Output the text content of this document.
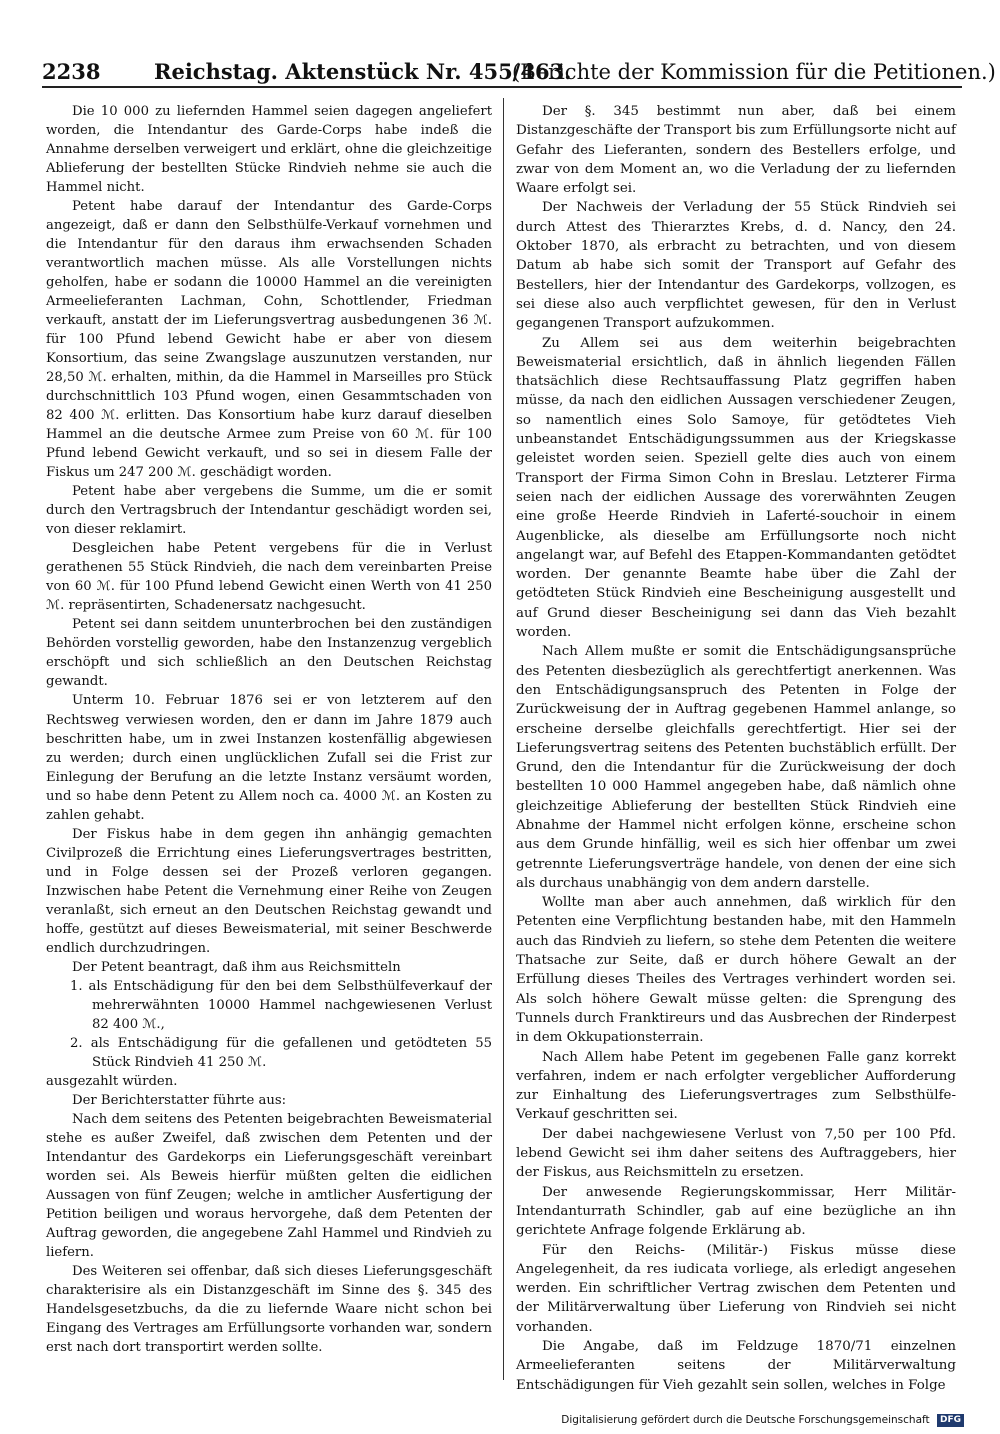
2238	Reichstag. Aktenstück Nr. 455/463.
(Berichte der Kommission für die Petitionen.)

Die 10 000 zu liefernden Hammel seien dagegen angeliefert worden, die Intendantur des Garde-Corps habe indeß die Annahme derselben verweigert und erklärt, ohne die gleichzeitige Ablieferung der bestellten Stücke Rindvieh nehme sie auch die Hammel nicht.

Petent habe darauf der Intendantur des Garde-Corps angezeigt, daß er dann den Selbsthülfe-Verkauf vornehmen und die Intendantur für den daraus ihm erwachsenden Schaden verantwortlich machen müsse. Als alle Vorstellungen nichts geholfen, habe er sodann die 10000 Hammel an die vereinigten Armeelieferanten Lachman, Cohn, Schottlender, Friedman verkauft, anstatt der im Lieferungsvertrag ausbedungenen 36 ℳ. für 100 Pfund lebend Gewicht habe er aber von diesem Konsortium, das seine Zwangslage auszunutzen verstanden, nur 28,50 ℳ. erhalten, mithin, da die Hammel in Marseilles pro Stück durchschnittlich 103 Pfund wogen, einen Gesammtschaden von 82 400 ℳ. erlitten. Das Konsortium habe kurz darauf dieselben Hammel an die deutsche Armee zum Preise von 60 ℳ. für 100 Pfund lebend Gewicht verkauft, und so sei in diesem Falle der Fiskus um 247 200 ℳ. geschädigt worden.

Petent habe aber vergebens die Summe, um die er somit durch den Vertragsbruch der Intendantur geschädigt worden sei, von dieser reklamirt.

Desgleichen habe Petent vergebens für die in Verlust gerathenen 55 Stück Rindvieh, die nach dem vereinbarten Preise von 60 ℳ. für 100 Pfund lebend Gewicht einen Werth von 41 250 ℳ. repräsentirten, Schadenersatz nachgesucht.

Petent sei dann seitdem ununterbrochen bei den zuständigen Behörden vorstellig geworden, habe den Instanzenzug vergeblich erschöpft und sich schließlich an den Deutschen Reichstag gewandt.

Unterm 10. Februar 1876 sei er von letzterem auf den Rechtsweg verwiesen worden, den er dann im Jahre 1879 auch beschritten habe, um in zwei Instanzen kostenfällig abgewiesen zu werden; durch einen unglücklichen Zufall sei die Frist zur Einlegung der Berufung an die letzte Instanz versäumt worden, und so habe denn Petent zu Allem noch ca. 4000 ℳ. an Kosten zu zahlen gehabt.

Der Fiskus habe in dem gegen ihn anhängig gemachten Civilprozeß die Errichtung eines Lieferungsvertrages bestritten, und in Folge dessen sei der Prozeß verloren gegangen. Inzwischen habe Petent die Vernehmung einer Reihe von Zeugen veranlaßt, sich erneut an den Deutschen Reichstag gewandt und hoffe, gestützt auf dieses Beweismaterial, mit seiner Beschwerde endlich durchzudringen.

Der Petent beantragt, daß ihm aus Reichsmitteln

1. als Entschädigung für den bei dem Selbsthülfeverkauf der mehrerwähnten 10000 Hammel nachgewiesenen Verlust 82 400 ℳ.,

2. als Entschädigung für die gefallenen und getödteten 55 Stück Rindvieh 41 250 ℳ.

ausgezahlt würden.

Der Berichterstatter führte aus:

Nach dem seitens des Petenten beigebrachten Beweismaterial stehe es außer Zweifel, daß zwischen dem Petenten und der Intendantur des Gardekorps ein Lieferungsgeschäft vereinbart worden sei. Als Beweis hierfür müßten gelten die eidlichen Aussagen von fünf Zeugen; welche in amtlicher Ausfertigung der Petition beiligen und woraus hervorgehe, daß dem Petenten der Auftrag geworden, die angegebene Zahl Hammel und Rindvieh zu liefern.

Des Weiteren sei offenbar, daß sich dieses Lieferungsgeschäft charakterisire als ein Distanzgeschäft im Sinne des §. 345 des Handelsgesetzbuchs, da die zu liefernde Waare nicht schon bei Eingang des Vertrages am Erfüllungsorte vorhanden war, sondern erst nach dort transportirt werden sollte.

Der §. 345 bestimmt nun aber, daß bei einem Distanzgeschäfte der Transport bis zum Erfüllungsorte nicht auf Gefahr des Lieferanten, sondern des Bestellers erfolge, und zwar von dem Moment an, wo die Verladung der zu liefernden Waare erfolgt sei.

Der Nachweis der Verladung der 55 Stück Rindvieh sei durch Attest des Thierarztes Krebs, d. d. Nancy, den 24. Oktober 1870, als erbracht zu betrachten, und von diesem Datum ab habe sich somit der Transport auf Gefahr des Bestellers, hier der Intendantur des Gardekorps, vollzogen, es sei diese also auch verpflichtet gewesen, für den in Verlust gegangenen Transport aufzukommen.

Zu Allem sei aus dem weiterhin beigebrachten Beweismaterial ersichtlich, daß in ähnlich liegenden Fällen thatsächlich diese Rechtsauffassung Platz gegriffen haben müsse, da nach den eidlichen Aussagen verschiedener Zeugen, so namentlich eines Solo Samoye, für getödtetes Vieh unbeanstandet Entschädigungssummen aus der Kriegskasse geleistet worden seien. Speziell gelte dies auch von einem Transport der Firma Simon Cohn in Breslau. Letzterer Firma seien nach der eidlichen Aussage des vorerwähnten Zeugen eine große Heerde Rindvieh in Laferté-souchoir in einem Augenblicke, als dieselbe am Erfüllungsorte noch nicht angelangt war, auf Befehl des Etappen-Kommandanten getödtet worden. Der genannte Beamte habe über die Zahl der getödteten Stück Rindvieh eine Bescheinigung ausgestellt und auf Grund dieser Bescheinigung sei dann das Vieh bezahlt worden.

Nach Allem mußte er somit die Entschädigungsansprüche des Petenten diesbezüglich als gerechtfertigt anerkennen. Was den Entschädigungsanspruch des Petenten in Folge der Zurückweisung der in Auftrag gegebenen Hammel anlange, so erscheine derselbe gleichfalls gerechtfertigt. Hier sei der Lieferungsvertrag seitens des Petenten buchstäblich erfüllt. Der Grund, den die Intendantur für die Zurückweisung der doch bestellten 10 000 Hammel angegeben habe, daß nämlich ohne gleichzeitige Ablieferung der bestellten Stück Rindvieh eine Abnahme der Hammel nicht erfolgen könne, erscheine schon aus dem Grunde hinfällig, weil es sich hier offenbar um zwei getrennte Lieferungsverträge handele, von denen der eine sich als durchaus unabhängig von dem andern darstelle.

Wollte man aber auch annehmen, daß wirklich für den Petenten eine Verpflichtung bestanden habe, mit den Hammeln auch das Rindvieh zu liefern, so stehe dem Petenten die weitere Thatsache zur Seite, daß er durch höhere Gewalt an der Erfüllung dieses Theiles des Vertrages verhindert worden sei. Als solch höhere Gewalt müsse gelten: die Sprengung des Tunnels durch Franktireurs und das Ausbrechen der Rinderpest in dem Okkupationsterrain.

Nach Allem habe Petent im gegebenen Falle ganz korrekt verfahren, indem er nach erfolgter vergeblicher Aufforderung zur Einhaltung des Lieferungsvertrages zum Selbsthülfe-Verkauf geschritten sei.

Der dabei nachgewiesene Verlust von 7,50 per 100 Pfd. lebend Gewicht sei ihm daher seitens des Auftraggebers, hier der Fiskus, aus Reichsmitteln zu ersetzen.

Der anwesende Regierungskommissar, Herr Militär-Intendanturrath Schindler, gab auf eine bezügliche an ihn gerichtete Anfrage folgende Erklärung ab.

Für den Reichs- (Militär-) Fiskus müsse diese Angelegenheit, da res iudicata vorliege, als erledigt angesehen werden. Ein schriftlicher Vertrag zwischen dem Petenten und der Militärverwaltung über Lieferung von Rindvieh sei nicht vorhanden.

Die Angabe, daß im Feldzuge 1870/71 einzelnen Armeelieferanten seitens der Militärverwaltung Entschädigungen für Vieh gezahlt sein sollen, welches in Folge

Digitalisierung gefördert durch die Deutsche Forschungsgemeinschaft DFG
